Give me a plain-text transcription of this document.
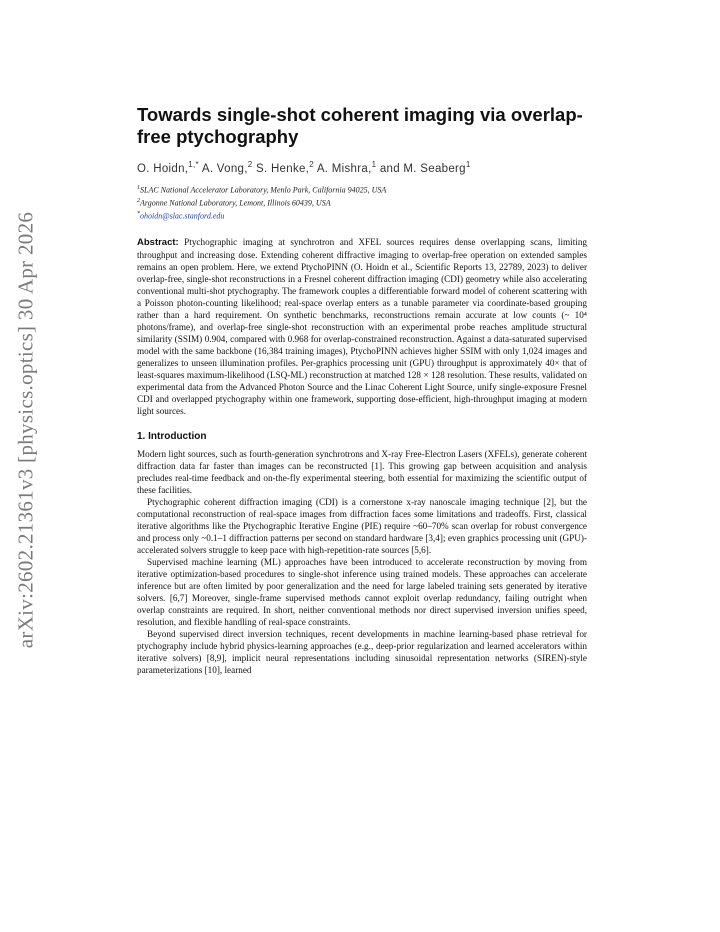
arXiv:2602.21361v3 [physics.optics] 30 Apr 2026
Towards single-shot coherent imaging via overlap-free ptychography
O. Hoidn,$^{1,*}$ A. Vong,$^2$ S. Henke,$^2$ A. Mishra,$^1$ and M. Seaberg$^1$
$^1$SLAC National Accelerator Laboratory, Menlo Park, California 94025, USA
$^2$Argonne National Laboratory, Lemont, Illinois 60439, USA
*ohoidn@slac.stanford.edu

Abstract: Ptychographic imaging at synchrotron and XFEL sources requires dense overlapping scans, limiting throughput and increasing dose. Extending coherent diffractive imaging to overlap-free operation on extended samples remains an open problem. Here, we extend PtychoPINN (O. Hoidn et al., Scientific Reports 13, 22789, 2023) to deliver overlap-free, single-shot reconstructions in a Fresnel coherent diffraction imaging (CDI) geometry while also accelerating conventional multi-shot ptychography. The framework couples a differentiable forward model of coherent scattering with a Poisson photon-counting likelihood; real-space overlap enters as a tunable parameter via coordinate-based grouping rather than a hard requirement. On synthetic benchmarks, reconstructions remain accurate at low counts (~ 10⁴ photons/frame), and overlap-free single-shot reconstruction with an experimental probe reaches amplitude structural similarity (SSIM) 0.904, compared with 0.968 for overlap-constrained reconstruction. Against a data-saturated supervised model with the same backbone (16,384 training images), PtychoPINN achieves higher SSIM with only 1,024 images and generalizes to unseen illumination profiles. Per-graphics processing unit (GPU) throughput is approximately 40× that of least-squares maximum-likelihood (LSQ-ML) reconstruction at matched 128 × 128 resolution. These results, validated on experimental data from the Advanced Photon Source and the Linac Coherent Light Source, unify single-exposure Fresnel CDI and overlapped ptychography within one framework, supporting dose-efficient, high-throughput imaging at modern light sources.

1. Introduction

Modern light sources, such as fourth-generation synchrotrons and X-ray Free-Electron Lasers (XFELs), generate coherent diffraction data far faster than images can be reconstructed [1]. This growing gap between acquisition and analysis precludes real-time feedback and on-the-fly experimental steering, both essential for maximizing the scientific output of these facilities.

Ptychographic coherent diffraction imaging (CDI) is a cornerstone x-ray nanoscale imaging technique [2], but the computational reconstruction of real-space images from diffraction faces some limitations and tradeoffs. First, classical iterative algorithms like the Ptychographic Iterative Engine (PIE) require ~60–70% scan overlap for robust convergence and process only ~0.1–1 diffraction patterns per second on standard hardware [3,4]; even graphics processing unit (GPU)-accelerated solvers struggle to keep pace with high-repetition-rate sources [5,6].

Supervised machine learning (ML) approaches have been introduced to accelerate reconstruction by moving from iterative optimization-based procedures to single-shot inference using trained models. These approaches can accelerate inference but are often limited by poor generalization and the need for large labeled training sets generated by iterative solvers. [6,7] Moreover, single-frame supervised methods cannot exploit overlap redundancy, failing outright when overlap constraints are required. In short, neither conventional methods nor direct supervised inversion unifies speed, resolution, and flexible handling of real-space constraints.

Beyond supervised direct inversion techniques, recent developments in machine learning-based phase retrieval for ptychography include hybrid physics-learning approaches (e.g., deep-prior regularization and learned accelerators within iterative solvers) [8,9], implicit neural representations including sinusoidal representation networks (SIREN)-style parameterizations [10], learned
